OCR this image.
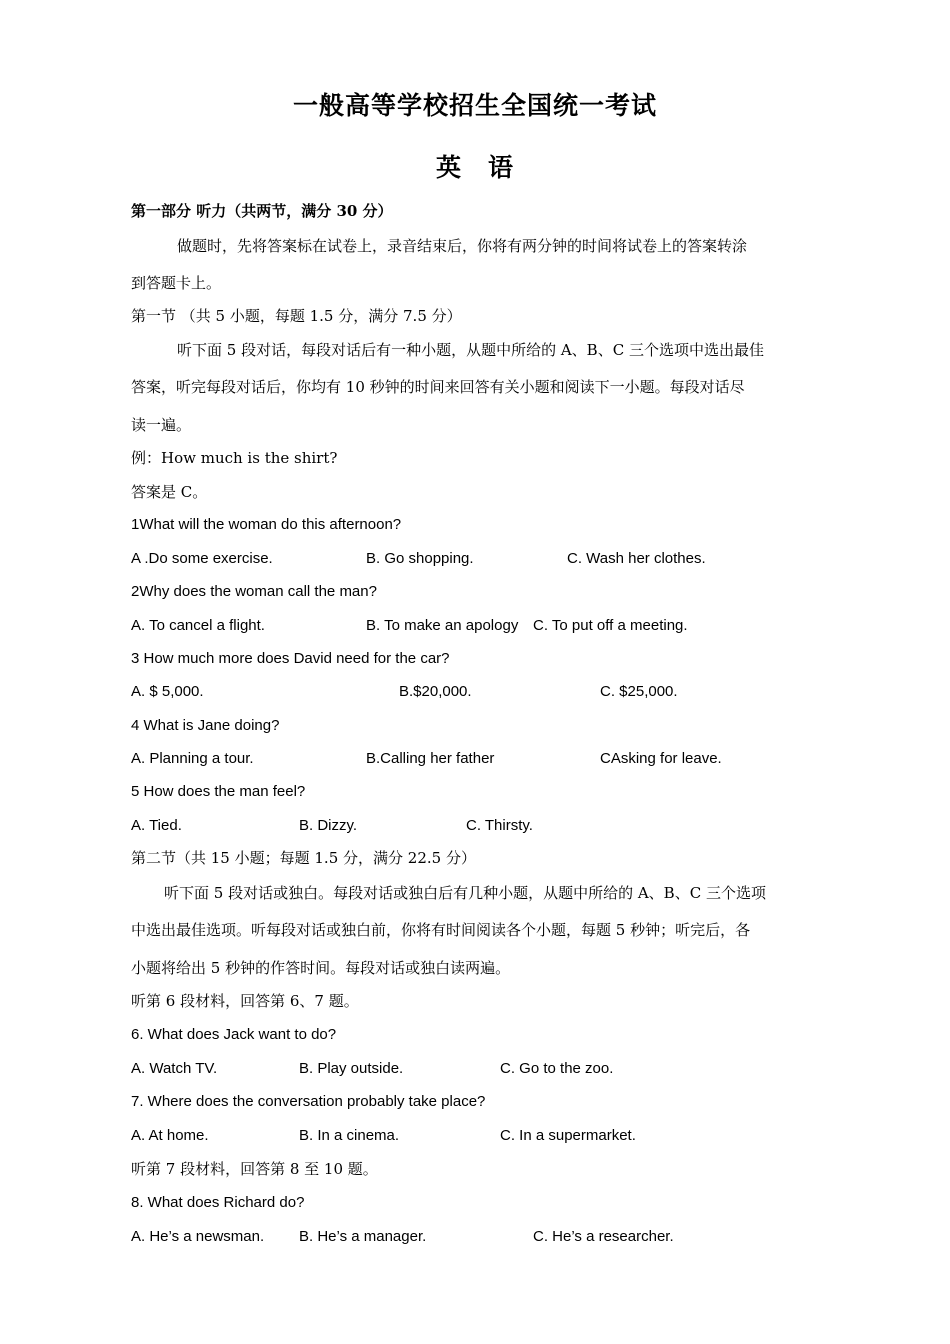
一般高等学校招生全国统一考试
英　语
第一部分 听力（共两节，满分 30 分）
做题时，先将答案标在试卷上，录音结束后，你将有两分钟的时间将试卷上的答案转涂
到答题卡上。
第一节 （共 5 小题，每题 1.5 分，满分 7.5 分）
听下面 5 段对话，每段对话后有一种小题，从题中所给的 A、B、C 三个选项中选出最佳
答案，听完每段对话后，你均有 10 秒钟的时间来回答有关小题和阅读下一小题。每段对话尽
读一遍。
例：How much is the shirt?
答案是 C。
1What will the woman do this afternoon?
A .Do some exercise.	B. Go shopping.	C. Wash her clothes.
2Why does the woman call the man?
A. To cancel a flight.	B. To make an apology C. To put off a meeting.
3 How much more does David need for the car?
A. $ 5,000.	B.$20,000.	C. $25,000.
4 What is Jane doing?
A. Planning a tour.	B.Calling her father	CAsking for leave.
5 How does the man feel?
A. Tied.	B. Dizzy.	C. Thirsty.
第二节（共 15 小题；每题 1.5 分，满分 22.5 分）
听下面 5 段对话或独白。每段对话或独白后有几种小题，从题中所给的 A、B、C 三个选项
中选出最佳选项。听每段对话或独白前，你将有时间阅读各个小题，每题 5 秒钟；听完后，各
小题将给出 5 秒钟的作答时间。每段对话或独白读两遍。
听第 6 段材料，回答第 6、7 题。
6. What does Jack want to do?
A. Watch TV.	B. Play outside.	C. Go to the zoo.
7. Where does the conversation probably take place?
A. At home.	B. In a cinema.	C. In a supermarket.
听第 7 段材料，回答第 8 至 10 题。
8. What does Richard do?
A. He’s a newsman. B. He’s a manager.	C. He’s a researcher.
